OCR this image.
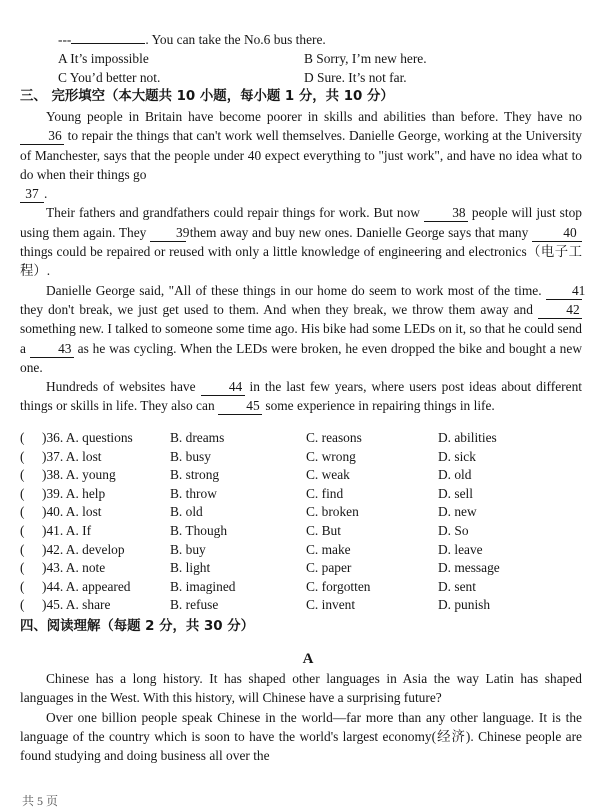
---	. You can take the No.6 bus there.
A It’s impossible	B Sorry, I’m new here.
C You’d better not.	D Sure. It’s not far.
三、 完形填空（本大题共 10 小题，每小题 1 分，共 10 分）

Young people in Britain have become poorer in skills and abilities than before. They have no 36 to repair the things that can't work well themselves. Danielle George, working at the University of Manchester, says that the people under 40 expect everything to "just work", and have no idea what to do when their things go
37 .

Their fathers and grandfathers could repair things for work. But now 38 people will just stop using them again. They 39 them away and buy new ones. Danielle George says that many	40 things could be repaired or reused with only a little knowledge of engineering and electronics（电子工程）.

Danielle George said, "All of these things in our home do seem to work most of the time. 41 they don't break, we just get used to them. And when they break, we throw them away and 42 something new. I talked to someone some time ago. His bike had some LEDs on it, so that he could send a 43 as he was cycling. When the LEDs were broken, he even dropped the bike and bought a new one.

Hundreds of websites have 44 in the last few years, where users post ideas about different things or skills in life. They also can 45 some experience in repairing things in life.

( )36. A. questions	B. dreams	C. reasons	D. abilities
( )37. A. lost	B. busy	C. wrong	D. sick
( )38. A. young	B. strong	C. weak	D. old
( )39. A. help	B. throw	C. find	D. sell
( )40. A. lost	B. old	C. broken	D. new
( )41. A. If	B. Though	C. But	D. So
( )42. A. develop	B. buy	C. make	D. leave
( )43. A. note	B. light	C. paper	D. message
( )44. A. appeared	B. imagined	C. forgotten	D. sent
( )45. A. share	B. refuse	C. invent	D. punish
四、阅读理解（每题 2 分，共 30 分）
A

Chinese has a long history. It has shaped other languages in Asia the way Latin has shaped languages in the West. With this history, will Chinese have a surprising future?

Over one billion people speak Chinese in the world—far more than any other language. It is the language of the country which is soon to have the world's largest economy(经济). Chinese people are found studying and doing business all over the

共 5 页
